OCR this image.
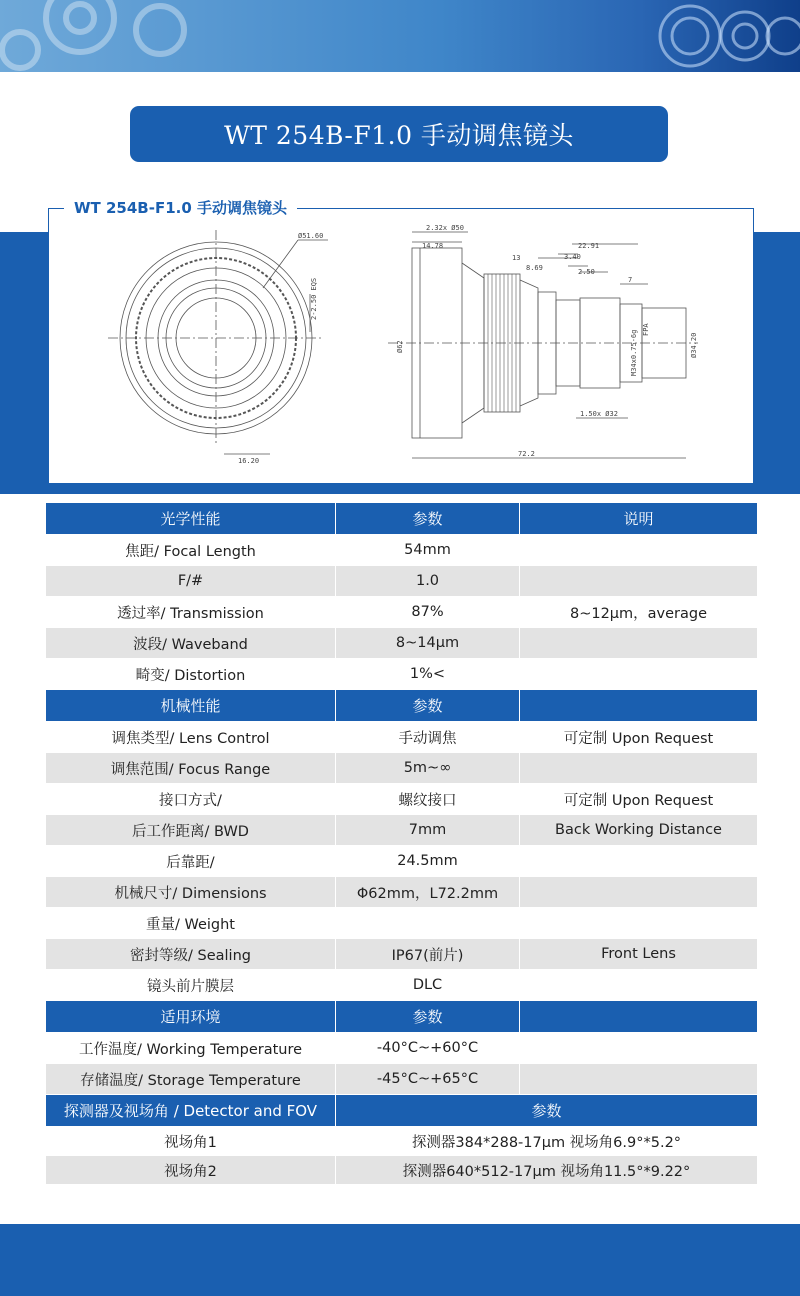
WT 254B-F1.0 手动调焦镜头
Ø51.60
2-2.50 EQS
16.20
2.32x Ø50
14.78
13
8.69
22.91
3.40
2.50
7
Ø62	M34x0.75-6g	Ø34.20
FPA
1.50x Ø32
72.2
WT 254B-F1.0 手动调焦镜头
光学性能	参数	说明
焦距/ Focal Length	54mm	
F/#	1.0	
透过率/ Transmission	87%	8~12μm，average
波段/ Waveband	8~14μm	
畸变/ Distortion	1%<	
机械性能	参数	
调焦类型/ Lens Control	手动调焦	可定制 Upon Request
调焦范围/ Focus Range	5m~∞	
接口方式/	螺纹接口	可定制 Upon Request
后工作距离/ BWD	7mm	Back Working Distance
后靠距/	24.5mm	
机械尺寸/ Dimensions	Φ62mm，L72.2mm	
重量/ Weight		
密封等级/ Sealing	IP67(前片)	Front Lens
镜头前片膜层	DLC	
适用环境	参数	
工作温度/ Working Temperature	-40°C~+60°C	
存储温度/ Storage Temperature	-45°C~+65°C	
探测器及视场角 / Detector and FOV	参数	
视场角1	探测器384*288-17μm 视场角6.9°*5.2°	
视场角2	探测器640*512-17μm 视场角11.5°*9.22°	
